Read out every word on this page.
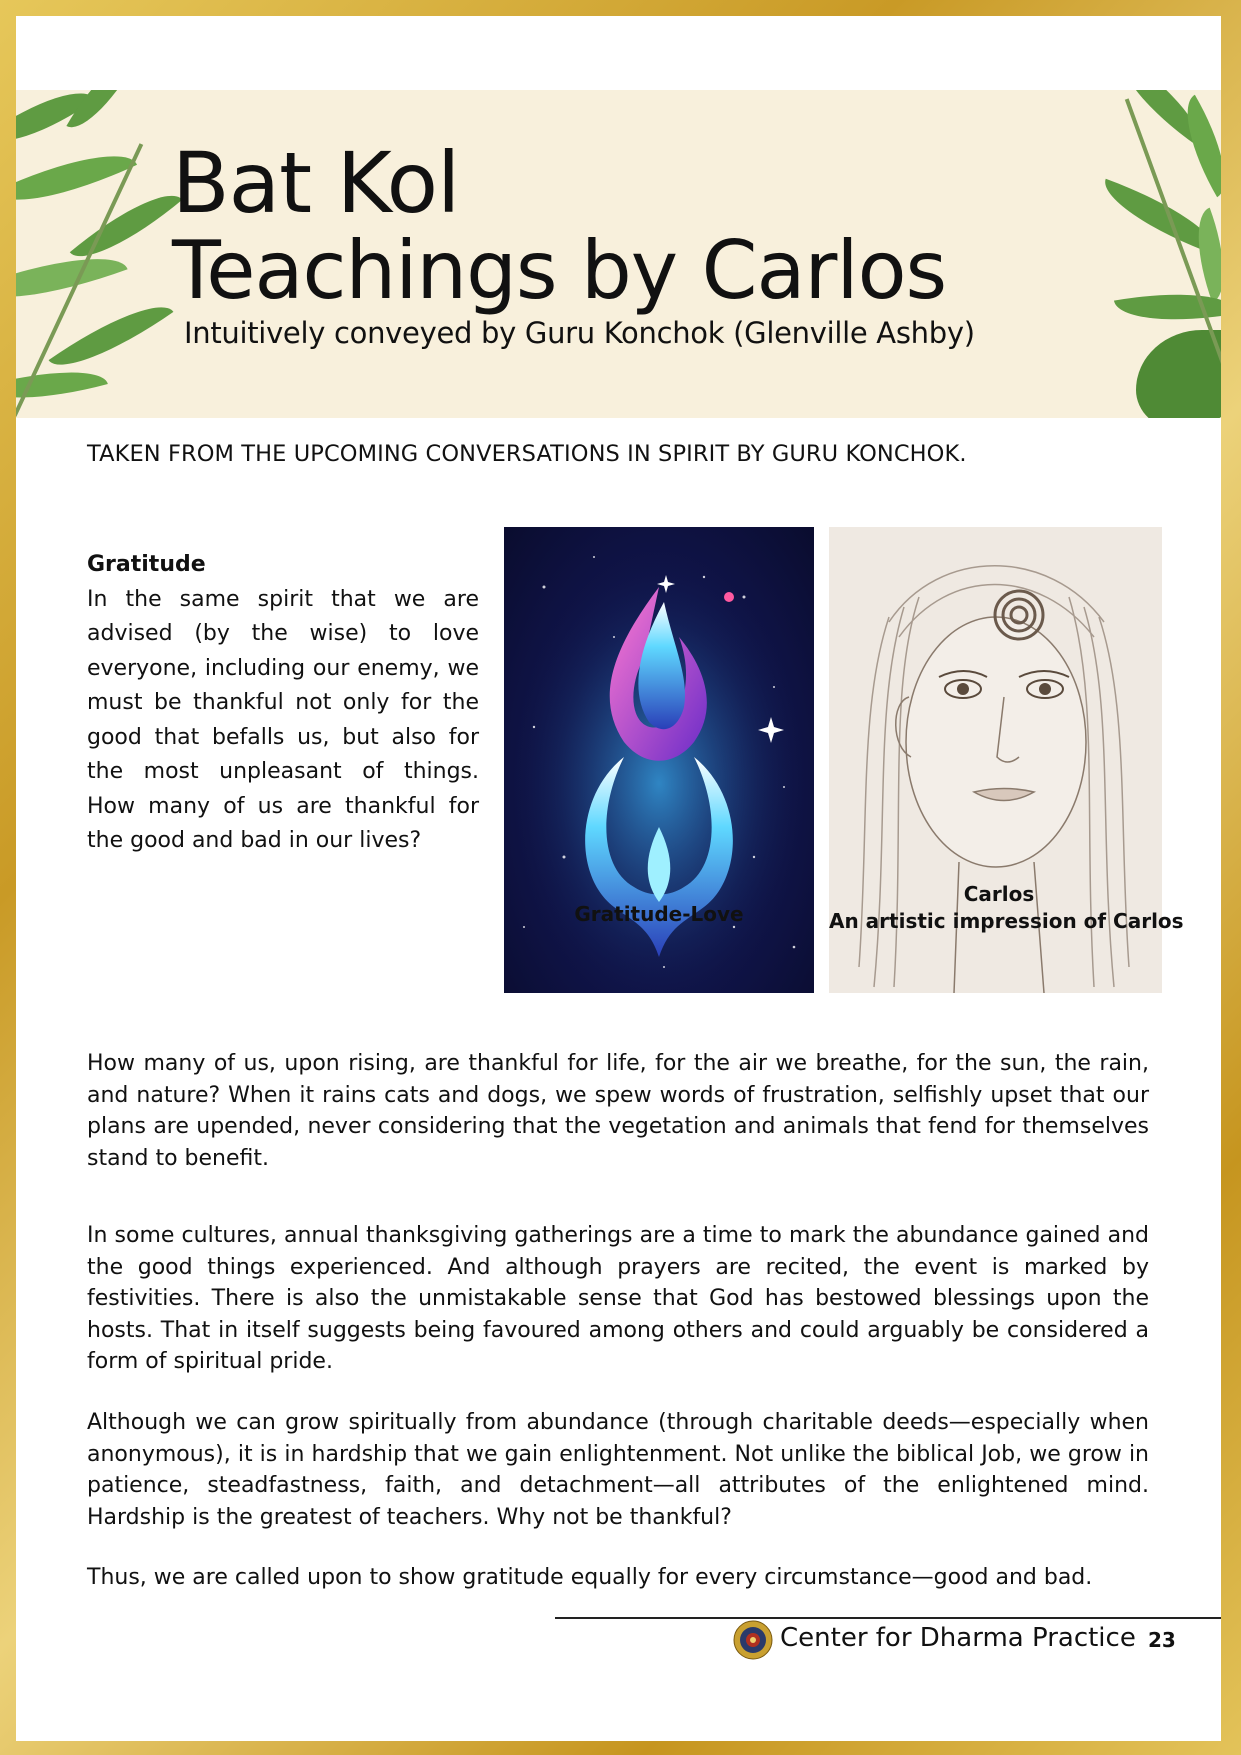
Bat Kol
Teachings by Carlos
Intuitively conveyed by Guru Konchok (Glenville Ashby)
TAKEN FROM THE UPCOMING CONVERSATIONS IN SPIRIT BY GURU KONCHOK.
Gratitude
In the same spirit that we are advised (by the wise) to love everyone, including our enemy, we must be thankful not only for the good that befalls us, but also for the most unpleasant of things. How many of us are thankful for the good and bad in our lives?
Gratitude-Love
Carlos
An artistic impression of Carlos
How many of us, upon rising, are thankful for life, for the air we breathe, for the sun, the rain, and nature? When it rains cats and dogs, we spew words of frustration, selfishly upset that our plans are upended, never considering that the vegetation and animals that fend for themselves stand to benefit.
In some cultures, annual thanksgiving gatherings are a time to mark the abundance gained and the good things experienced. And although prayers are recited, the event is marked by festivities. There is also the unmistakable sense that God has bestowed blessings upon the hosts. That in itself suggests being favoured among others and could arguably be considered a form of spiritual pride.
Although we can grow spiritually from abundance (through charitable deeds—especially when anonymous), it is in hardship that we gain enlightenment. Not unlike the biblical Job, we grow in patience, steadfastness, faith, and detachment—all attributes of the enlightened mind. Hardship is the greatest of teachers. Why not be thankful?
Thus, we are called upon to show gratitude equally for every circumstance—good and bad.
Center for Dharma Practice 23
